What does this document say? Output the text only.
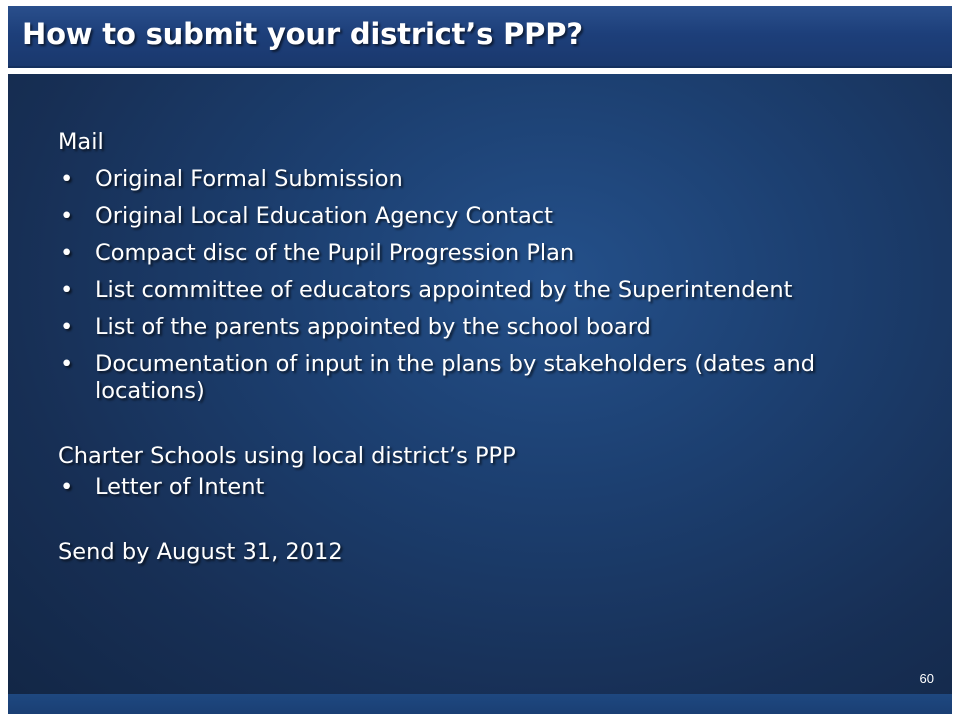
How to submit your district’s PPP?

Mail

• Original Formal Submission
• Original Local Education Agency Contact
• Compact disc of the Pupil Progression Plan
• List committee of educators appointed by the Superintendent
• List of the parents appointed by the school board
• Documentation of input in the plans by stakeholders (dates and locations)

Charter Schools using local district’s PPP

• Letter of Intent

Send by August 31, 2012

60
